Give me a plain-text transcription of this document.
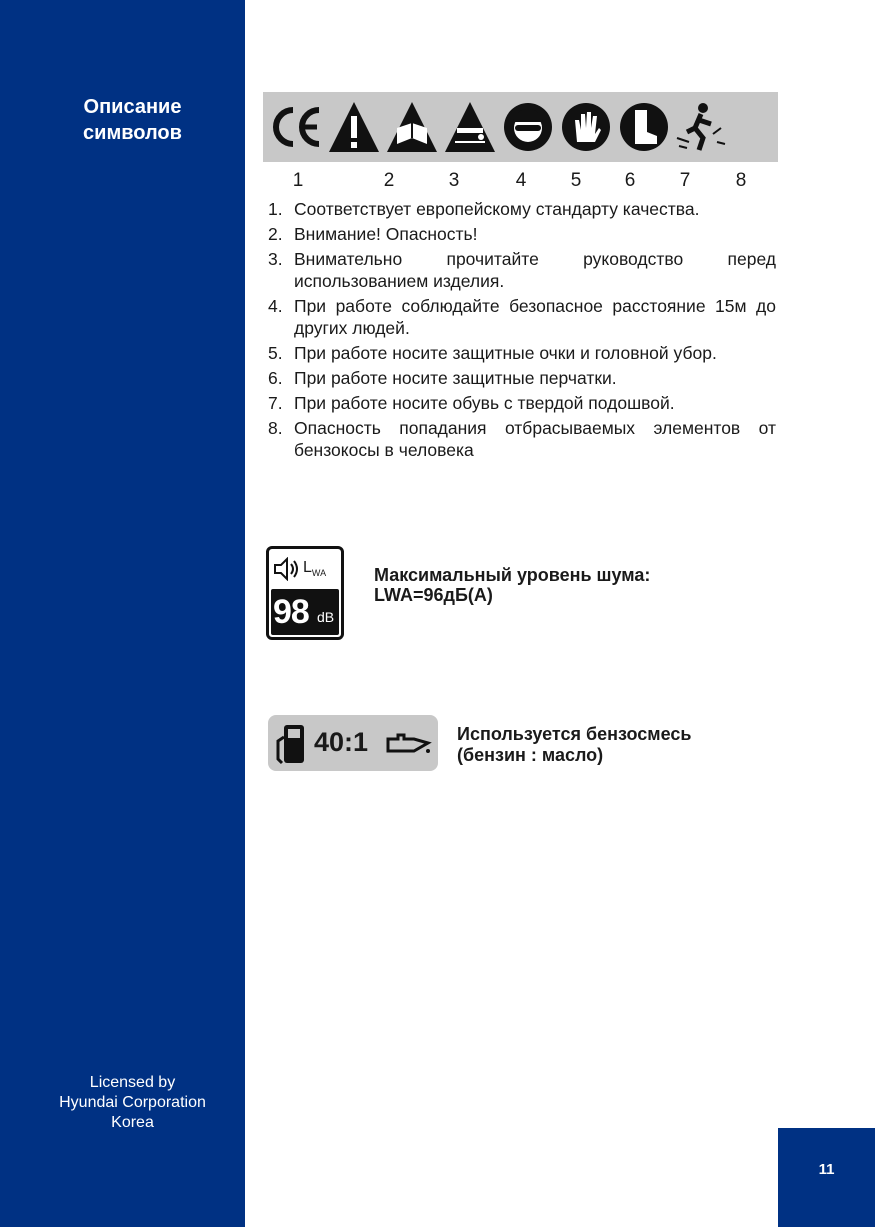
Описание
символов
Licensed by
Hyundai Corporation
Korea
11
1	2	3	4	5	6	7	8
1. Соответствует европейскому стандарту качества.
2. Внимание! Опасность!
3. Внимательно прочитайте руководство перед использованием изделия.
4. При работе соблюдайте безопасное расстояние 15м до других людей.
5. При работе носите защитные очки и головной убор.
6. При работе носите защитные перчатки.
7. При работе носите обувь с твердой подошвой.
8. Опасность попадания отбрасываемых элементов от бензокосы в человека
$L_{WA}$
98 dB
Максимальный уровень шума:
LWA=96дБ(А)
40:1	Используется бензосмесь
(бензин : масло)
